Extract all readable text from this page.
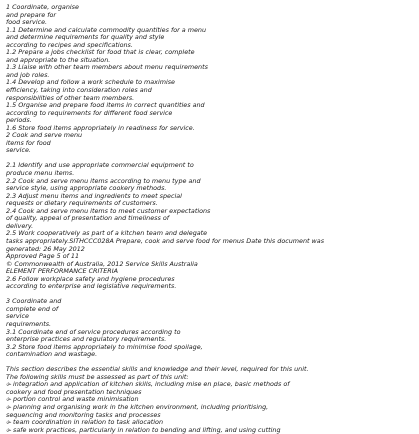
1 Coordinate, organise
and prepare for
food service.
1.1 Determine and calculate commodity quantities for a menu
and determine requirements for quality and style
according to recipes and specifications.
1.2 Prepare a jobs checklist for food that is clear, complete
and appropriate to the situation.
1.3 Liaise with other team members about menu requirements
and job roles.
1.4 Develop and follow a work schedule to maximise
efficiency, taking into consideration roles and
responsibilities of other team members.
1.5 Organise and prepare food items in correct quantities and
according to requirements for different food service
periods.
1.6 Store food items appropriately in readiness for service.
2 Cook and serve menu
items for food
service.
2.1 Identify and use appropriate commercial equipment to
produce menu items.
2.2 Cook and serve menu items according to menu type and
service style, using appropriate cookery methods.
2.3 Adjust menu items and ingredients to meet special
requests or dietary requirements of customers.
2.4 Cook and serve menu items to meet customer expectations
of quality, appeal of presentation and timeliness of
delivery.
2.5 Work cooperatively as part of a kitchen team and delegate
tasks appropriately.SITHCCC028A Prepare, cook and serve food for menus Date this document was
generated: 26 May 2012
Approved Page 5 of 11
© Commonwealth of Australia, 2012 Service Skills Australia
ELEMENT PERFORMANCE CRITERIA
2.6 Follow workplace safety and hygiene procedures
according to enterprise and legislative requirements.
3 Coordinate and
complete end of
service
requirements.
3.1 Coordinate end of service procedures according to
enterprise practices and regulatory requirements.
3.2 Store food items appropriately to minimise food spoilage,
contamination and wastage.
This section describes the essential skills and knowledge and their level, required for this unit.
The following skills must be assessed as part of this unit:
⌱ integration and application of kitchen skills, including mise en place, basic methods of
cookery and food presentation techniques
⌱ portion control and waste minimisation
⌱ planning and organising work in the kitchen environment, including prioritising,
sequencing and monitoring tasks and processes
⌱ team coordination in relation to task allocation
⌱ safe work practices, particularly in relation to bending and lifting, and using cutting
